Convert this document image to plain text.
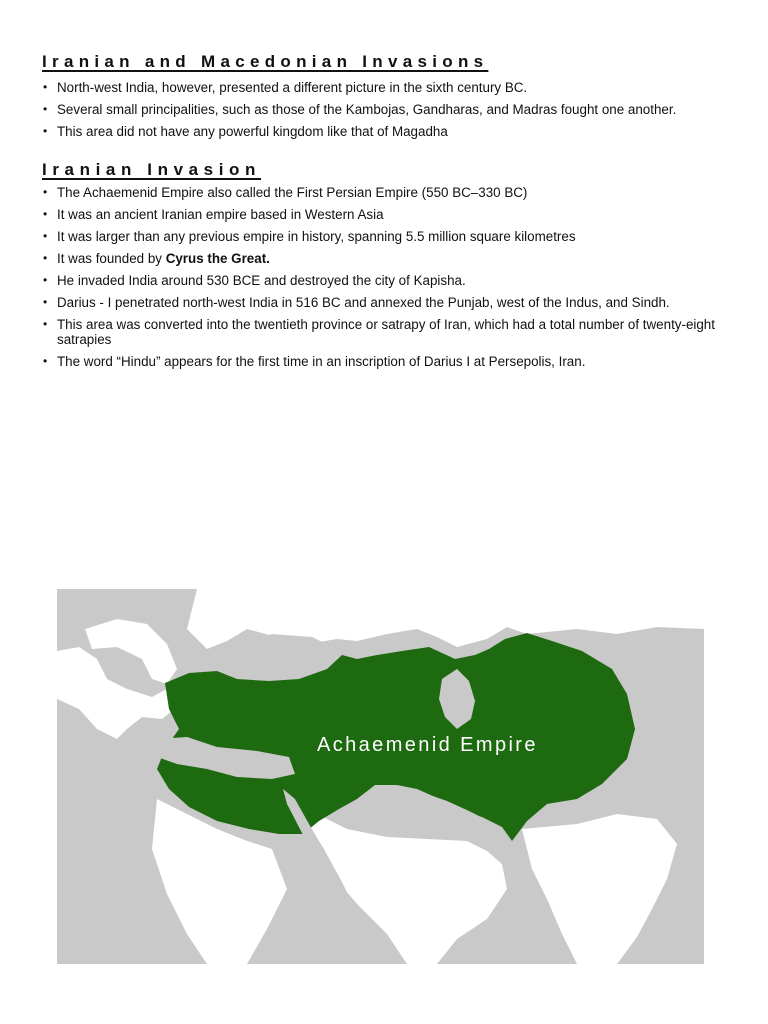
Iranian and Macedonian Invasions
• North-west India, however, presented a different picture in the sixth century BC.
• Several small principalities, such as those of the Kambojas, Gandharas, and Madras fought one another.
• This area did not have any powerful kingdom like that of Magadha
Iranian Invasion
• The Achaemenid Empire also called the First Persian Empire (550 BC–330 BC)
• It was an ancient Iranian empire based in Western Asia
• It was larger than any previous empire in history, spanning 5.5 million square kilometres
• It was founded by Cyrus the Great.
• He invaded India around 530 BCE and destroyed the city of Kapisha.
• Darius - I penetrated north-west India in 516 BC and annexed the Punjab, west of the Indus, and Sindh.
• This area was converted into the twentieth province or satrapy of Iran, which had a total number of twenty-eight satrapies
• The word “Hindu” appears for the first time in an inscription of Darius I at Persepolis, Iran.
Achaemenid Empire
